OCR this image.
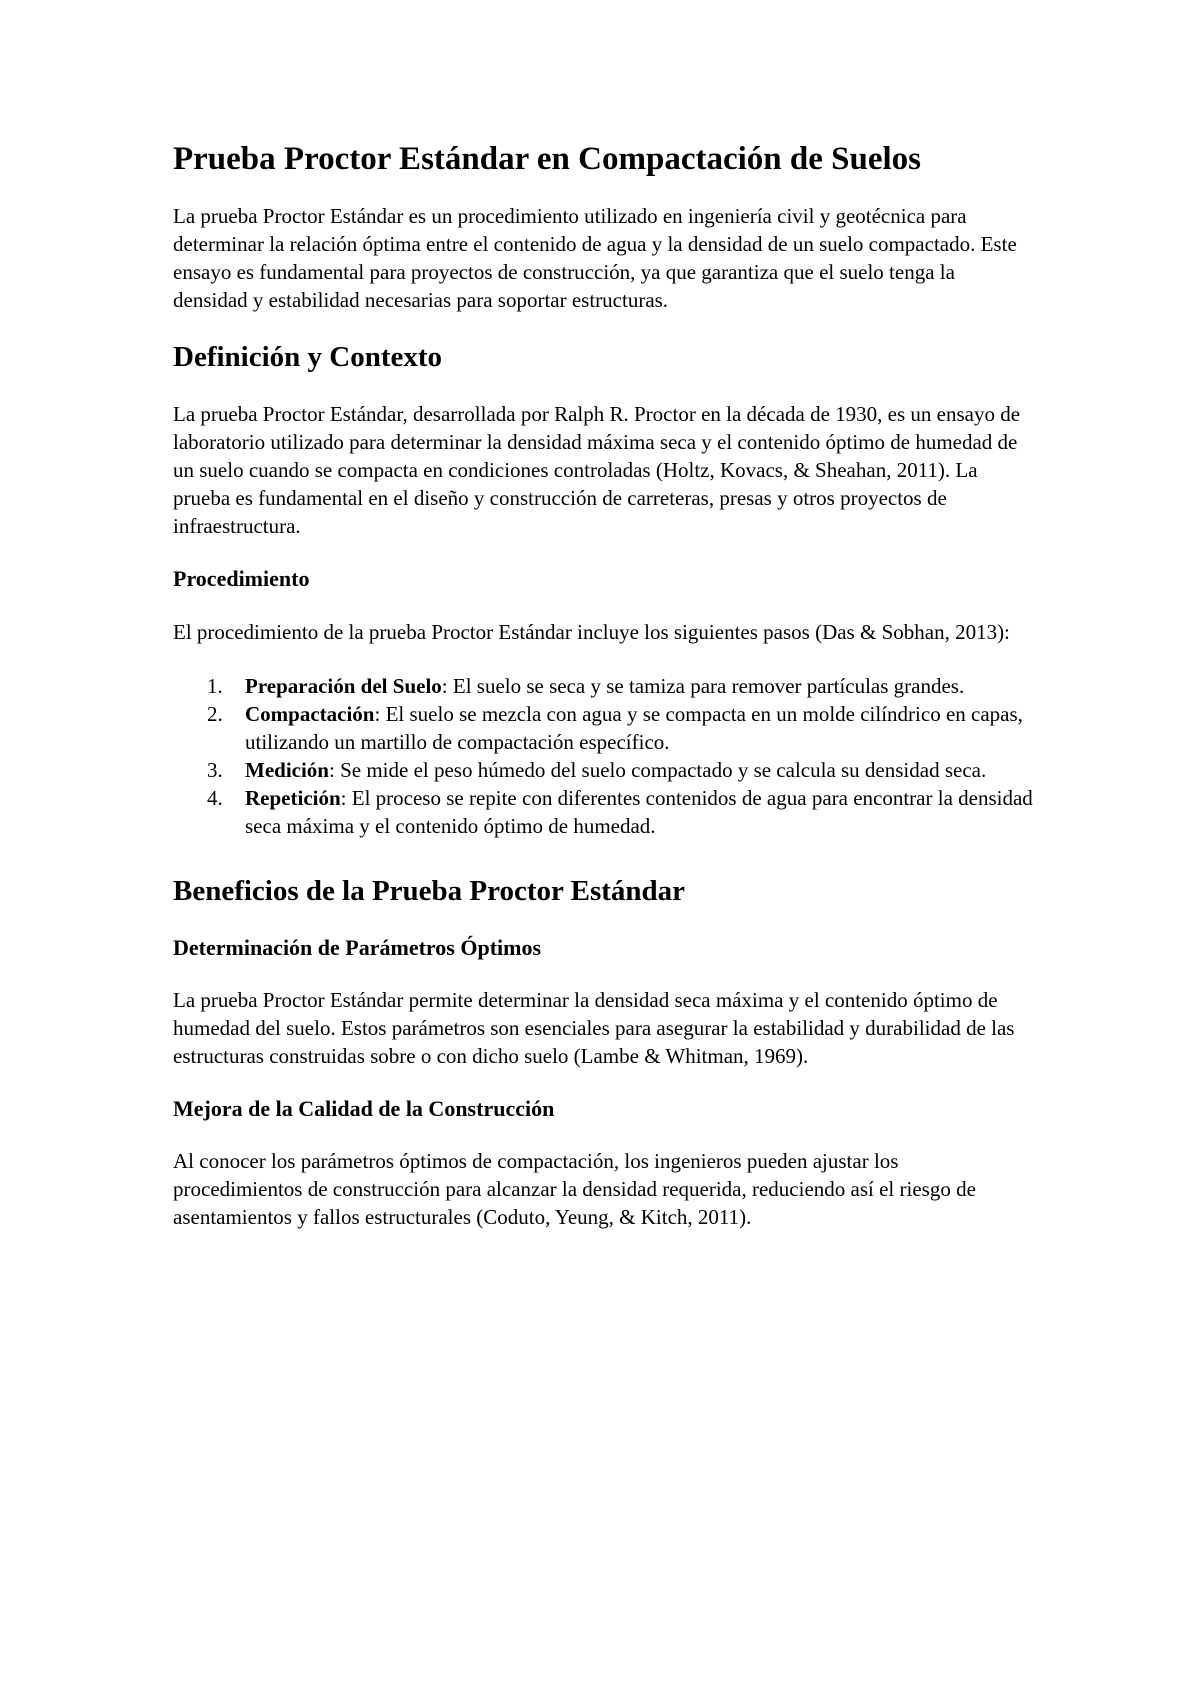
Prueba Proctor Estándar en Compactación de Suelos

La prueba Proctor Estándar es un procedimiento utilizado en ingeniería civil y geotécnica para determinar la relación óptima entre el contenido de agua y la densidad de un suelo compactado. Este ensayo es fundamental para proyectos de construcción, ya que garantiza que el suelo tenga la densidad y estabilidad necesarias para soportar estructuras.

Definición y Contexto

La prueba Proctor Estándar, desarrollada por Ralph R. Proctor en la década de 1930, es un ensayo de laboratorio utilizado para determinar la densidad máxima seca y el contenido óptimo de humedad de un suelo cuando se compacta en condiciones controladas (Holtz, Kovacs, & Sheahan, 2011). La prueba es fundamental en el diseño y construcción de carreteras, presas y otros proyectos de infraestructura.

Procedimiento

El procedimiento de la prueba Proctor Estándar incluye los siguientes pasos (Das & Sobhan, 2013):

1. Preparación del Suelo: El suelo se seca y se tamiza para remover partículas grandes.
2. Compactación: El suelo se mezcla con agua y se compacta en un molde cilíndrico en capas, utilizando un martillo de compactación específico.
3. Medición: Se mide el peso húmedo del suelo compactado y se calcula su densidad seca.
4. Repetición: El proceso se repite con diferentes contenidos de agua para encontrar la densidad seca máxima y el contenido óptimo de humedad.
Beneficios de la Prueba Proctor Estándar
Determinación de Parámetros Óptimos

La prueba Proctor Estándar permite determinar la densidad seca máxima y el contenido óptimo de humedad del suelo. Estos parámetros son esenciales para asegurar la estabilidad y durabilidad de las estructuras construidas sobre o con dicho suelo (Lambe & Whitman, 1969).

Mejora de la Calidad de la Construcción

Al conocer los parámetros óptimos de compactación, los ingenieros pueden ajustar los procedimientos de construcción para alcanzar la densidad requerida, reduciendo así el riesgo de asentamientos y fallos estructurales (Coduto, Yeung, & Kitch, 2011).
